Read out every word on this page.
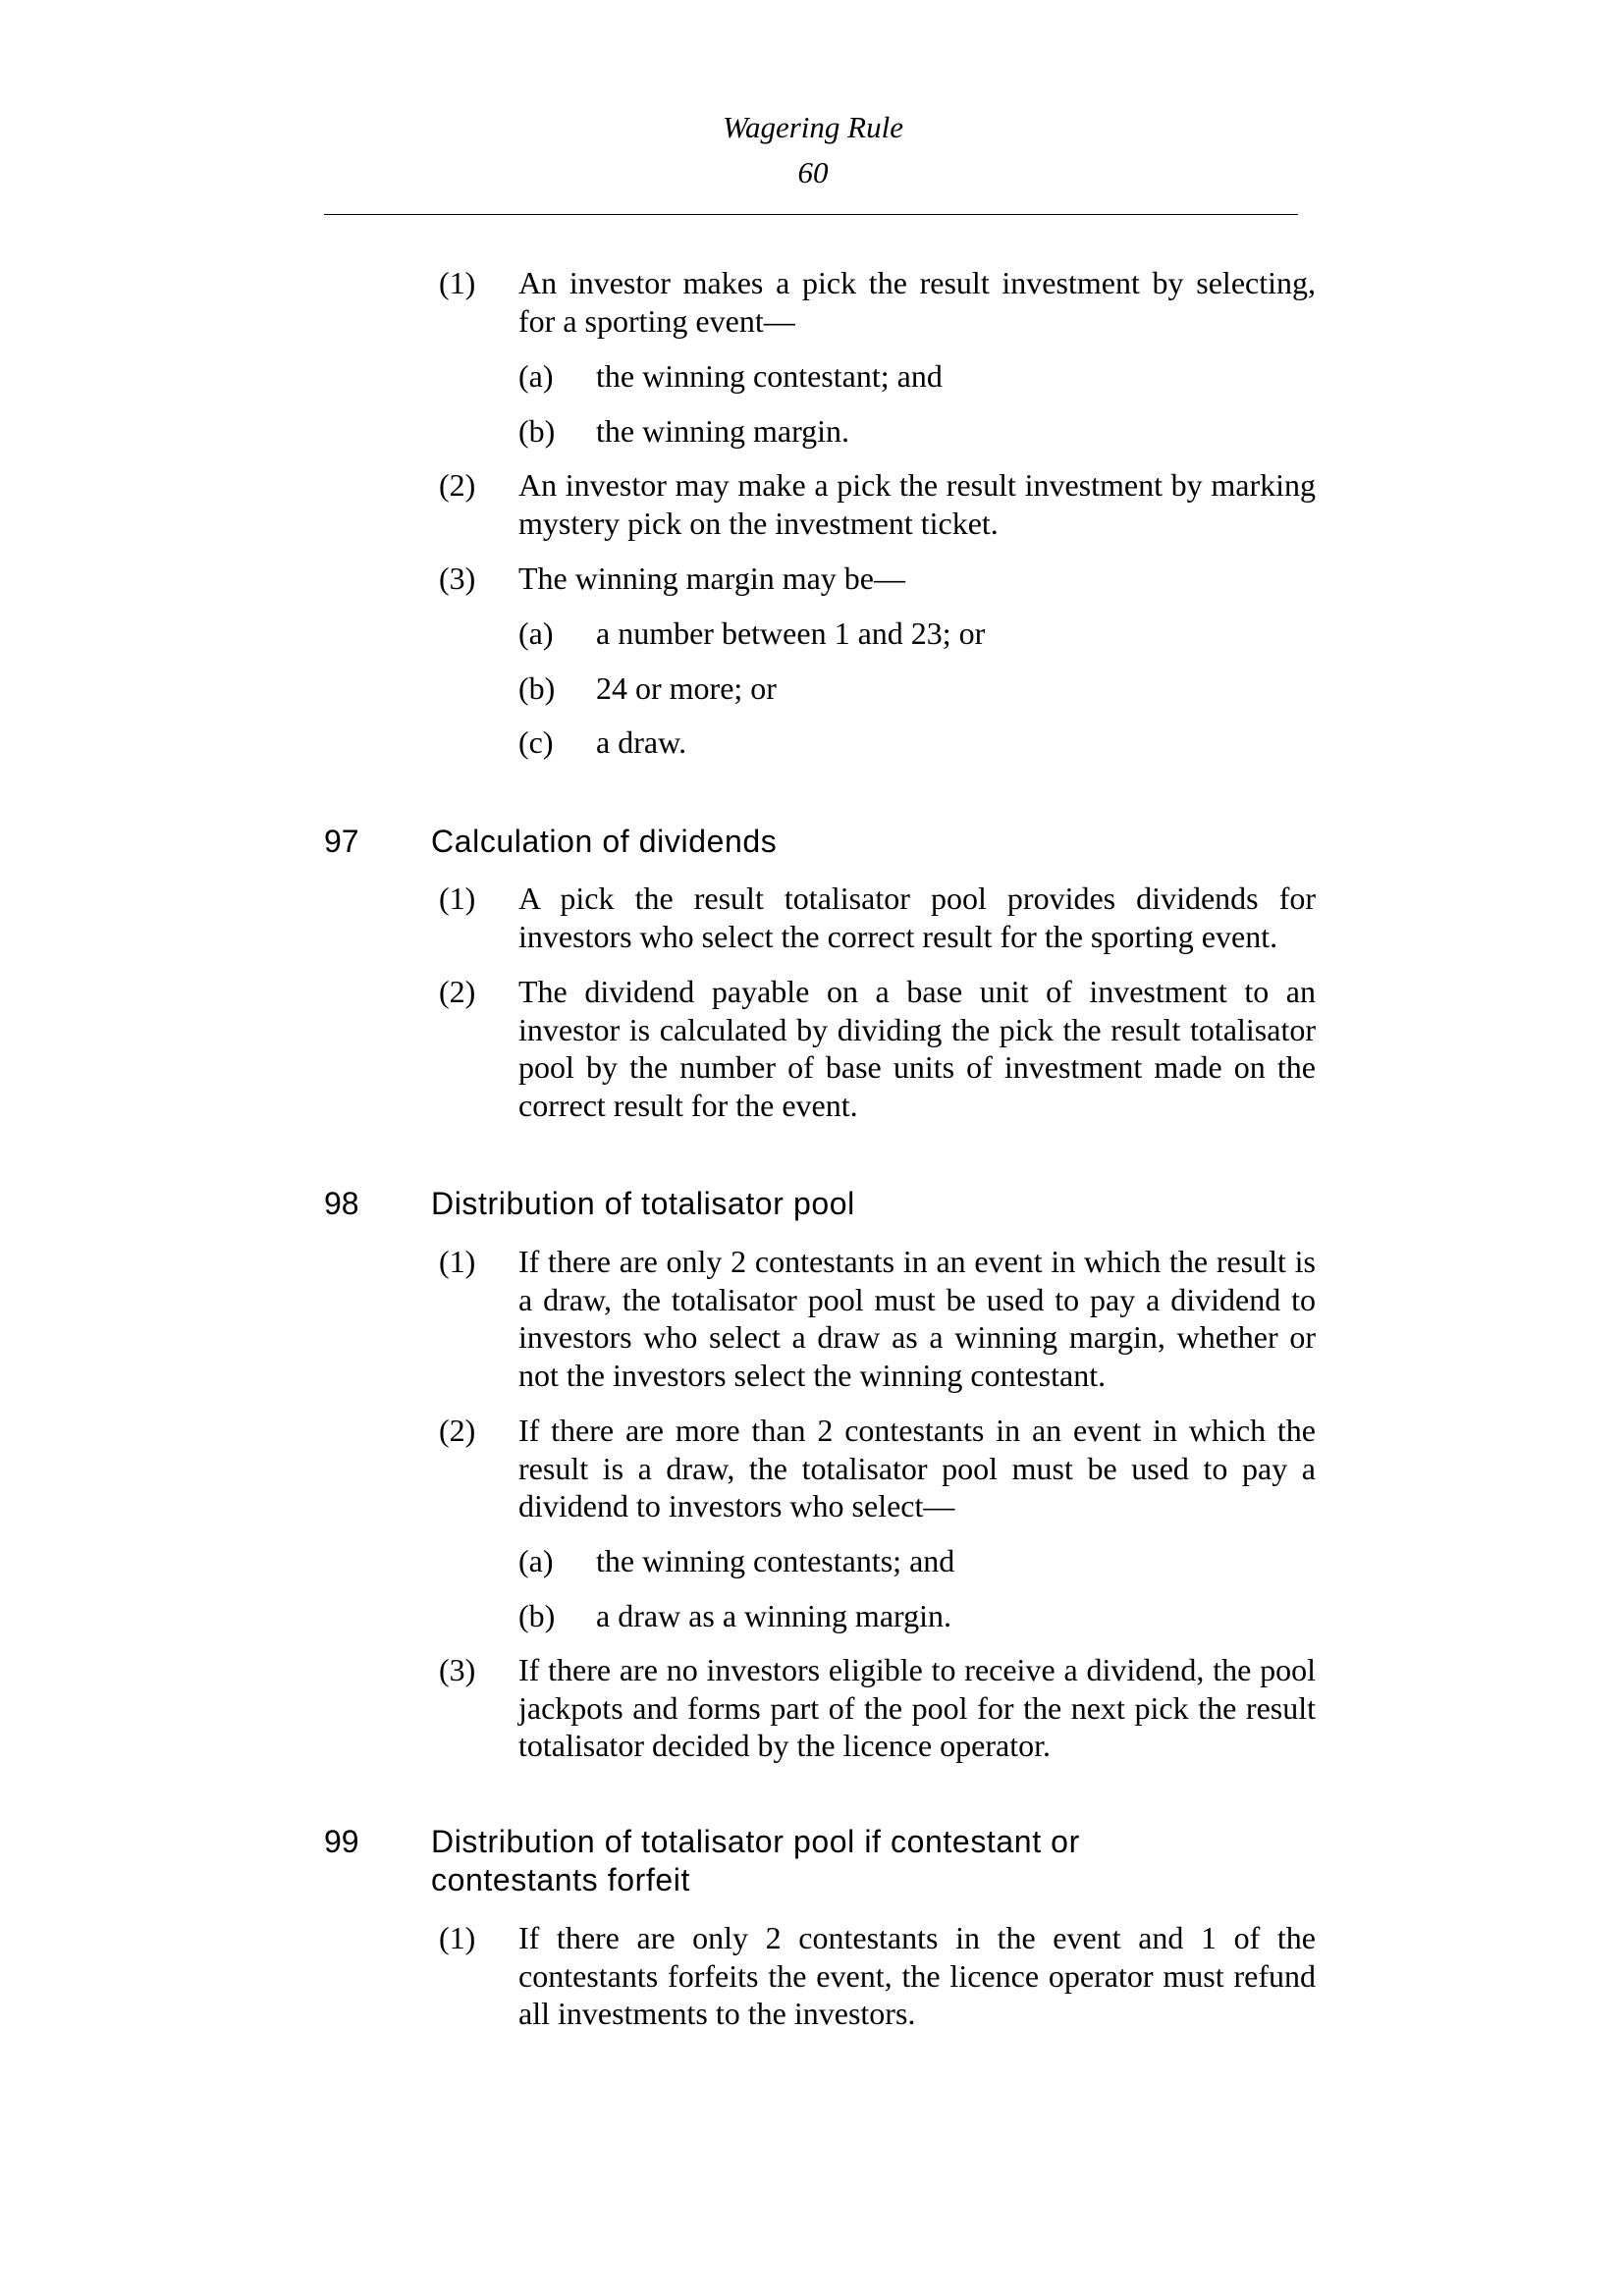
Wagering Rule
60
(1) An investor makes a pick the result investment by selecting, for a sporting event—

(a) the winning contestant; and

(b) the winning margin.

(2) An investor may make a pick the result investment by marking mystery pick on the investment ticket.

(3) The winning margin may be—

(a) a number between 1 and 23; or

(b) 24 or more; or

(c) a draw.

97 Calculation of dividends

(1) A pick the result totalisator pool provides dividends for investors who select the correct result for the sporting event.

(2) The dividend payable on a base unit of investment to an investor is calculated by dividing the pick the result totalisator pool by the number of base units of investment made on the correct result for the event.

98 Distribution of totalisator pool

(1) If there are only 2 contestants in an event in which the result is a draw, the totalisator pool must be used to pay a dividend to investors who select a draw as a winning margin, whether or not the investors select the winning contestant.

(2) If there are more than 2 contestants in an event in which the result is a draw, the totalisator pool must be used to pay a dividend to investors who select—

(a) the winning contestants; and

(b) a draw as a winning margin.

(3) If there are no investors eligible to receive a dividend, the pool jackpots and forms part of the pool for the next pick the result totalisator decided by the licence operator.

99 Distribution of totalisator pool if contestant or

contestants forfeit

(1) If there are only 2 contestants in the event and 1 of the contestants forfeits the event, the licence operator must refund all investments to the investors.
